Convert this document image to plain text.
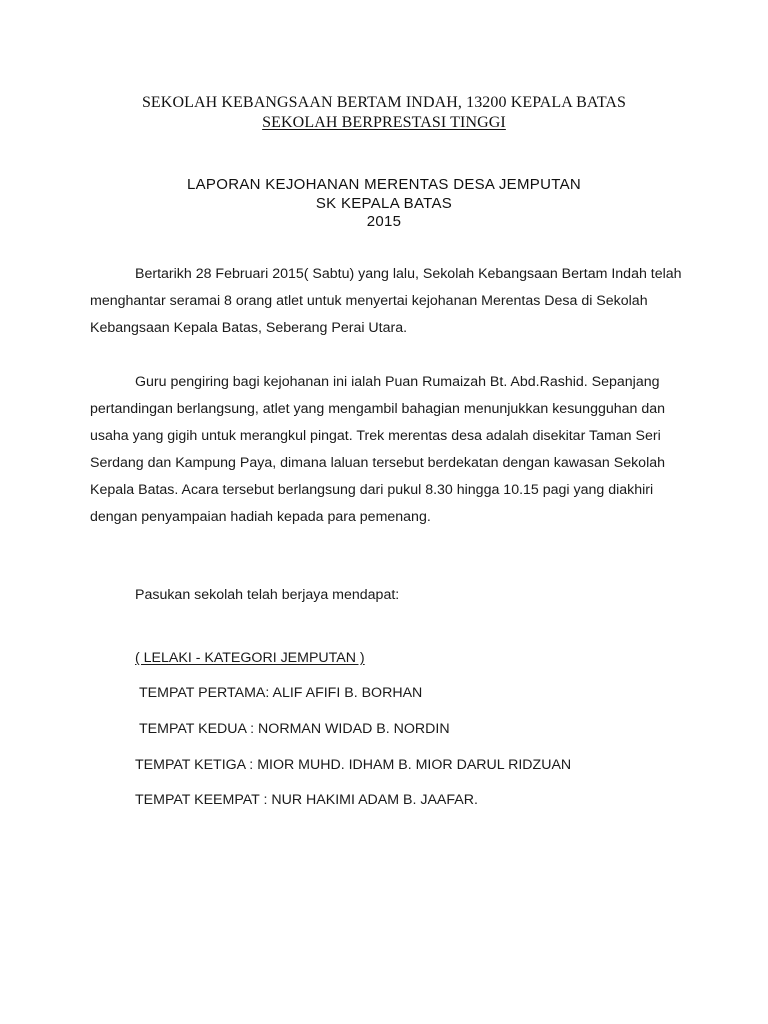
SEKOLAH KEBANGSAAN BERTAM INDAH, 13200 KEPALA BATAS
SEKOLAH BERPRESTASI TINGGI
LAPORAN KEJOHANAN MERENTAS DESA JEMPUTAN
SK KEPALA BATAS
2015
Bertarikh 28 Februari 2015( Sabtu) yang lalu, Sekolah Kebangsaan Bertam Indah telah menghantar seramai 8 orang atlet untuk menyertai kejohanan Merentas Desa di Sekolah Kebangsaan Kepala Batas, Seberang Perai Utara.
Guru pengiring bagi kejohanan ini ialah Puan Rumaizah Bt. Abd.Rashid. Sepanjang pertandingan berlangsung, atlet yang mengambil bahagian menunjukkan kesungguhan dan usaha yang gigih untuk merangkul pingat. Trek merentas desa adalah disekitar Taman Seri Serdang dan Kampung Paya, dimana laluan tersebut berdekatan dengan kawasan Sekolah Kepala Batas. Acara tersebut berlangsung dari pukul 8.30 hingga 10.15 pagi yang diakhiri dengan penyampaian hadiah kepada para pemenang.
Pasukan sekolah telah berjaya mendapat:
( LELAKI - KATEGORI JEMPUTAN )
TEMPAT PERTAMA: ALIF AFIFI B. BORHAN
TEMPAT KEDUA : NORMAN WIDAD B. NORDIN
TEMPAT KETIGA : MIOR MUHD. IDHAM B. MIOR DARUL RIDZUAN
TEMPAT KEEMPAT : NUR HAKIMI ADAM B. JAAFAR.
